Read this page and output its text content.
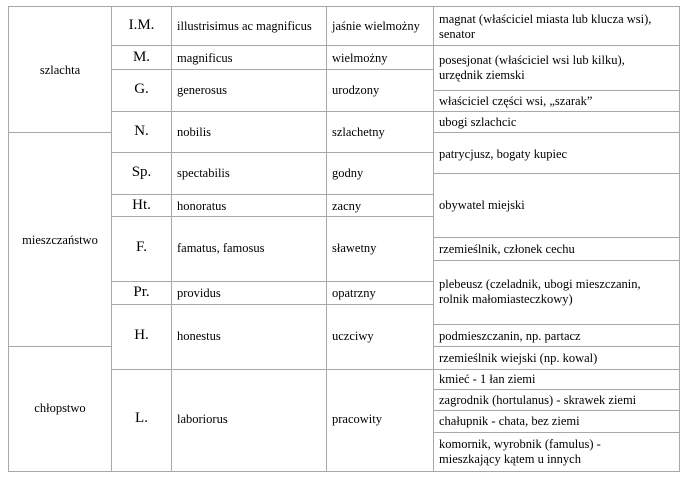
szlachta
mieszczaństwo
chłopstwo
I.M.
M.
G.
N.
Sp.
Ht.
F.
Pr.
H.
L.
illustrisimus ac magnificus
magnificus
generosus
nobilis
spectabilis
honoratus
famatus, famosus
providus
honestus
laboriorus
jaśnie wielmożny
wielmożny
urodzony
szlachetny
godny
zacny
sławetny
opatrzny
uczciwy
pracowity
magnat (właściciel miasta lub klucza wsi),
senator
posesjonat (właściciel wsi lub kilku),
urzędnik ziemski
właściciel części wsi, „szarak”
ubogi szlachcic
patrycjusz, bogaty kupiec
obywatel miejski
rzemieślnik, członek cechu
plebeusz (czeladnik, ubogi mieszczanin,
rolnik małomiasteczkowy)
podmieszczanin, np. partacz
rzemieślnik wiejski (np. kowal)
kmieć - 1 łan ziemi
zagrodnik (hortulanus) - skrawek ziemi
chałupnik - chata, bez ziemi
komornik, wyrobnik (famulus) -
mieszkający kątem u innych
